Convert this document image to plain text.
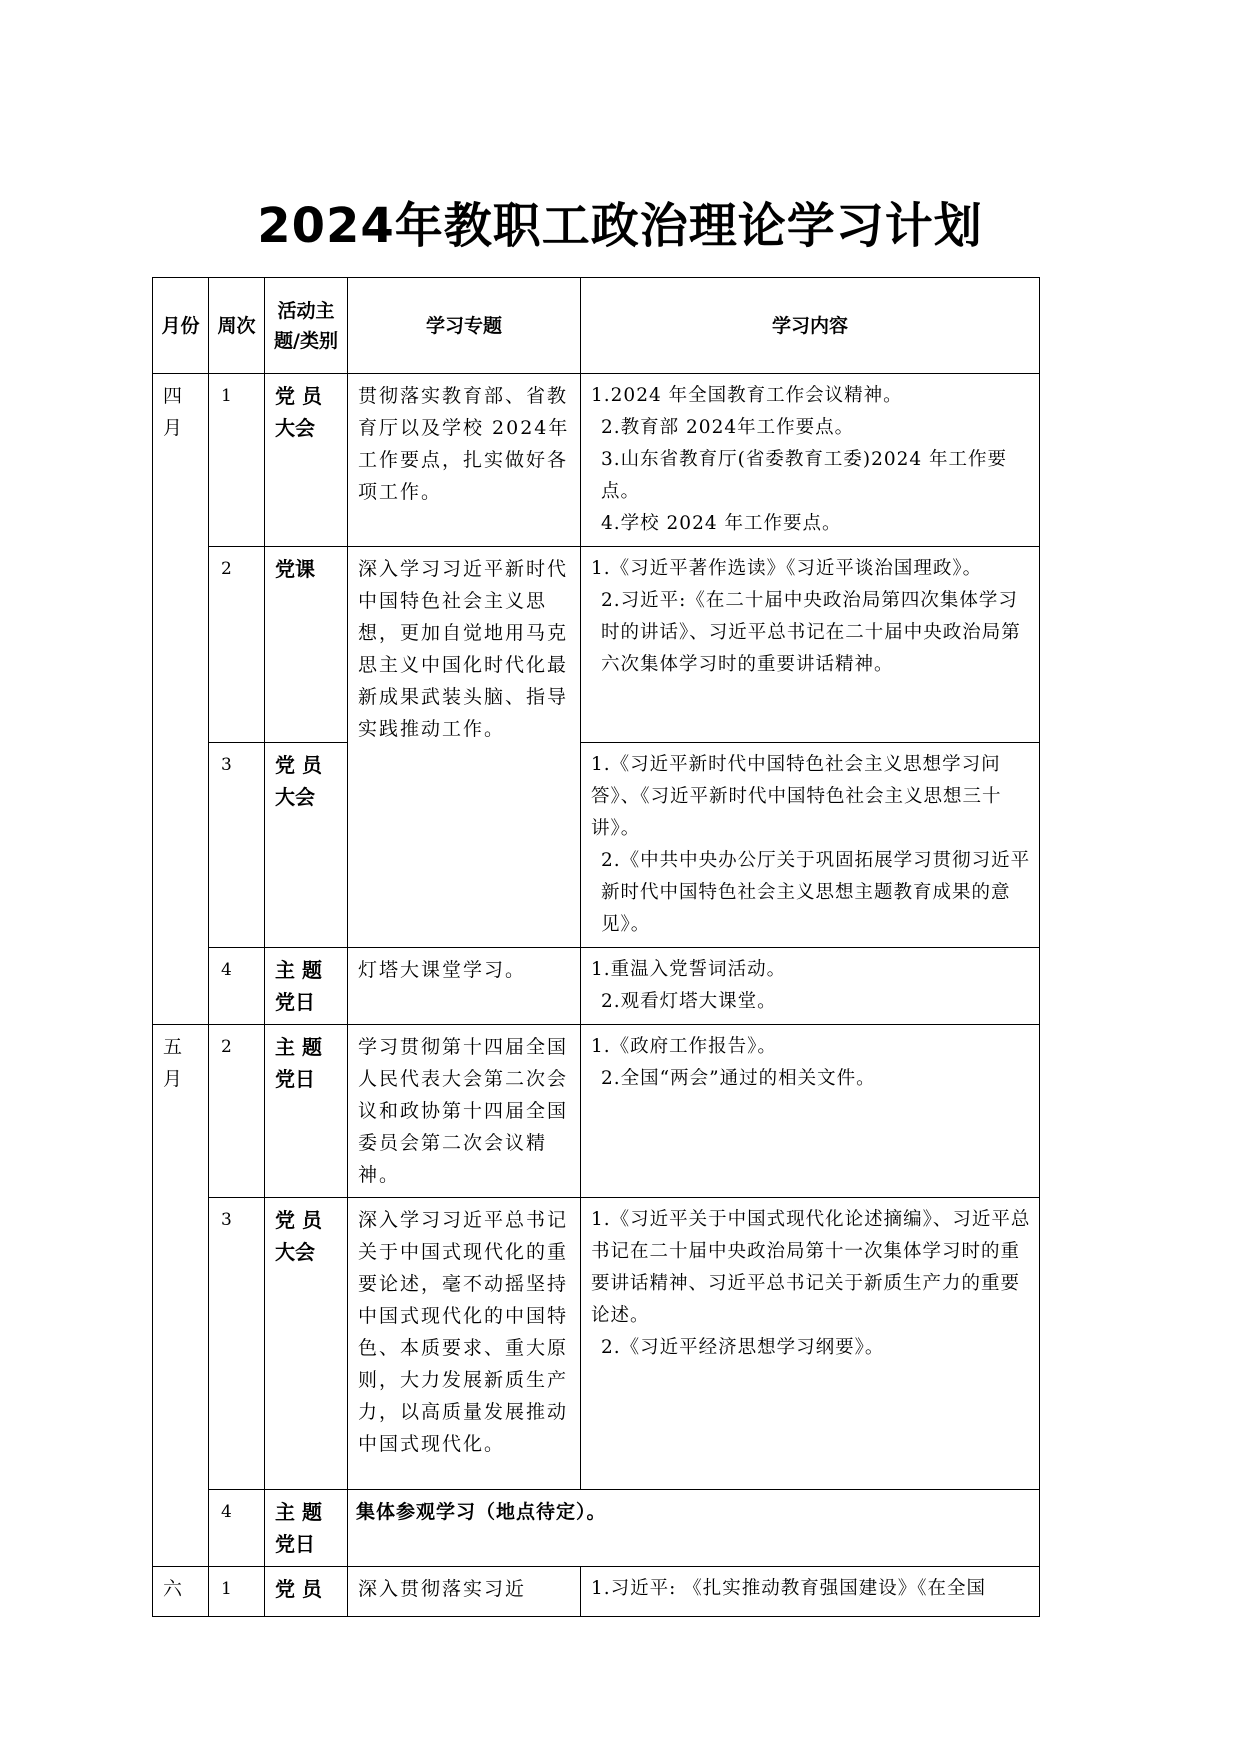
2024年教职工政治理论学习计划
月份	周次	活动主题/类别	学习专题	学习内容
四月	1	党 员大会	贯彻落实教育部、省教育厅以及学校 2024年工作要点，扎实做好各项工作。	1.2024 年全国教育工作会议精神。
2.教育部 2024年工作要点。
3.山东省教育厅(省委教育工委)2024 年工作要点。
4.学校 2024 年工作要点。

	2	党课	深入学习习近平新时代中国特色社会主义思想，更加自觉地用马克思主义中国化时代化最新成果武装头脑、指导实践推动工作。	1.《习近平著作选读》《习近平谈治国理政》。
2.习近平:《在二十届中央政治局第四次集体学习时的讲话》、习近平总书记在二十届中央政治局第六次集体学习时的重要讲话精神。

	3	党 员大会		1.《习近平新时代中国特色社会主义思想学习问答》、《习近平新时代中国特色社会主义思想三十讲》。
2.《中共中央办公厅关于巩固拓展学习贯彻习近平新时代中国特色社会主义思想主题教育成果的意见》。

	4	主 题党日	灯塔大课堂学习。	1.重温入党誓词活动。
2.观看灯塔大课堂。

五月	2	主 题党日	学习贯彻第十四届全国人民代表大会第二次会议和政协第十四届全国委员会第二次会议精神。	1.《政府工作报告》。
2.全国“两会”通过的相关文件。

	3	党 员大会	深入学习习近平总书记关于中国式现代化的重要论述，毫不动摇坚持中国式现代化的中国特色、本质要求、重大原则，大力发展新质生产力，以高质量发展推动中国式现代化。	1.《习近平关于中国式现代化论述摘编》、习近平总书记在二十届中央政治局第十一次集体学习时的重要讲话精神、习近平总书记关于新质生产力的重要论述。
2.《习近平经济思想学习纲要》。

	4	主 题党日	集体参观学习（地点待定）。	
六	1	党 员	深入贯彻落实习近	1.习近平: 《扎实推动教育强国建设》《在全国
